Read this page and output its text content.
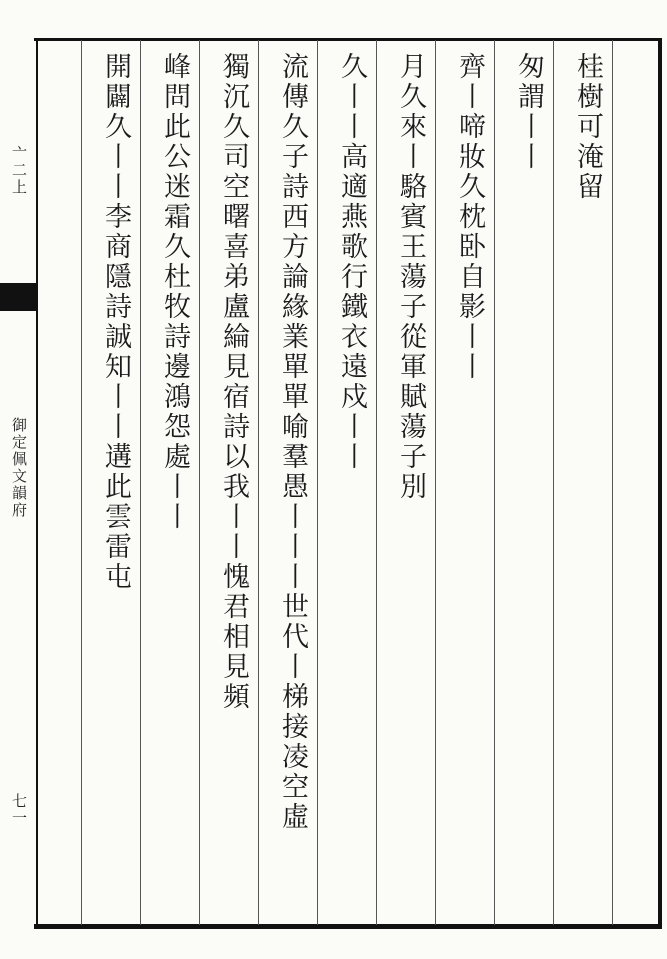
亠二上
御定佩文韻府
七一
桂樹可淹留
匆謂丨丨
齊丨啼妝久枕卧自影丨丨
月久來丨駱賓王蕩子從軍賦蕩子別
久丨丨高適燕歌行鐵衣遠戍丨丨
流傳久子詩西方論緣業單單喻羣愚丨丨丨世代丨梯接凌空虛
獨沉久司空曙喜弟盧綸見宿詩以我丨丨愧君相見頻
峰問此公迷霜久杜牧詩邊鴻怨處丨丨
開闢久丨丨李商隱詩誠知丨丨遘此雲雷屯
